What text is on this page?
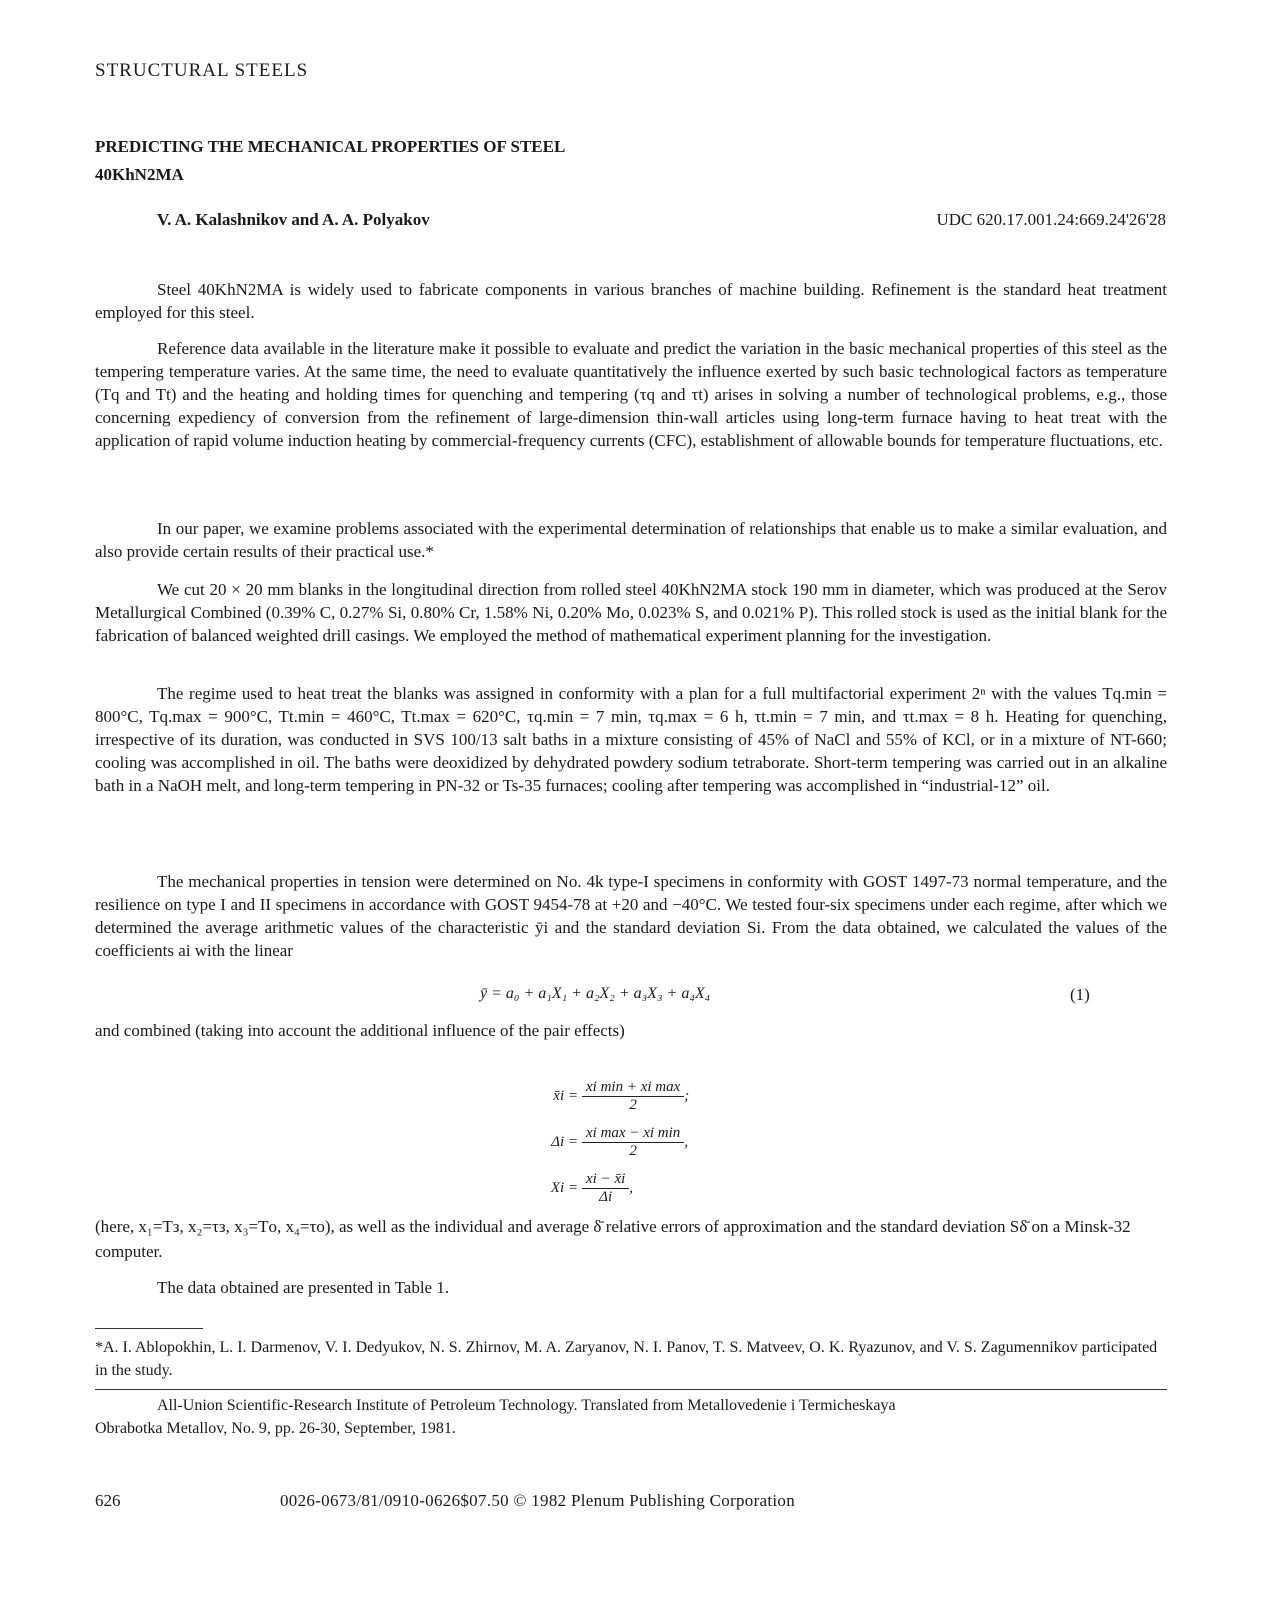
STRUCTURAL STEELS
PREDICTING THE MECHANICAL PROPERTIES OF STEEL
40KhN2MA
V. A. Kalashnikov and A. A. Polyakov	UDC 620.17.001.24:669.24'26'28

Steel 40KhN2MA is widely used to fabricate components in various branches of machine building. Refinement is the standard heat treatment employed for this steel.

Reference data available in the literature make it possible to evaluate and predict the variation in the basic mechanical properties of this steel as the tempering temperature varies. At the same time, the need to evaluate quantitatively the influence exerted by such basic technological factors as temperature (Tq and Tt) and the heating and holding times for quenching and tempering (τq and τt) arises in solving a number of technological problems, e.g., those concerning expediency of conversion from the refinement of large-dimension thin-wall articles using long-term furnace having to heat treat with the application of rapid volume induction heating by commercial-frequency currents (CFC), establishment of allowable bounds for temperature fluctuations, etc.

In our paper, we examine problems associated with the experimental determination of relationships that enable us to make a similar evaluation, and also provide certain results of their practical use.*

We cut 20 × 20 mm blanks in the longitudinal direction from rolled steel 40KhN2MA stock 190 mm in diameter, which was produced at the Serov Metallurgical Combined (0.39% C, 0.27% Si, 0.80% Cr, 1.58% Ni, 0.20% Mo, 0.023% S, and 0.021% P). This rolled stock is used as the initial blank for the fabrication of balanced weighted drill casings. We employed the method of mathematical experiment planning for the investigation.

The regime used to heat treat the blanks was assigned in conformity with a plan for a full multifactorial experiment 2ⁿ with the values Tq.min = 800°C, Tq.max = 900°C, Tt.min = 460°C, Tt.max = 620°C, τq.min = 7 min, τq.max = 6 h, τt.min = 7 min, and τt.max = 8 h. Heating for quenching, irrespective of its duration, was conducted in SVS 100/13 salt baths in a mixture consisting of 45% of NaCl and 55% of KCl, or in a mixture of NT-660; cooling was accomplished in oil. The baths were deoxidized by dehydrated powdery sodium tetraborate. Short-term tempering was carried out in an alkaline bath in a NaOH melt, and long-term tempering in PN-32 or Ts-35 furnaces; cooling after tempering was accomplished in “industrial-12” oil.

The mechanical properties in tension were determined on No. 4k type-I specimens in conformity with GOST 1497-73 normal temperature, and the resilience on type I and II specimens in accordance with GOST 9454-78 at +20 and −40°C. We tested four-six specimens under each regime, after which we determined the average arithmetic values of the characteristic ȳi and the standard deviation Si. From the data obtained, we calculated the values of the coefficients ai with the linear

ȳ = a₀ + a₁X₁ + a₂X₂ + a₃X₃ + a₄X₄	(1)
and combined (taking into account the additional influence of the pair effects)
x̄i = $\frac{\text{xi min + xi max}}{2}$ ;
$\Delta i = \frac{\text{xi max − xi min}}{2}$ ,
$Xi = \frac{xi - x̄i}{\Delta i}$ ,
(here, x₁=Tз, x₂=τз, x₃=Tо, x₄=τо), as well as the individual and average δ̄ relative errors of approximation and the standard deviation Sδ̄ on a Minsk-32 computer.
The data obtained are presented in Table 1.
*A. I. Ablopokhin, L. I. Darmenov, V. I. Dedyukov, N. S. Zhirnov, M. A. Zaryanov, N. I. Panov, T. S. Matveev, O. K. Ryazunov, and V. S. Zagumennikov participated in the study.
All-Union Scientific-Research Institute of Petroleum Technology. Translated from Metallovedenie i Termicheskaya
Obrabotka Metallov, No. 9, pp. 26-30, September, 1981.
626	0026-0673/81/0910-0626$07.50 © 1982 Plenum Publishing Corporation
